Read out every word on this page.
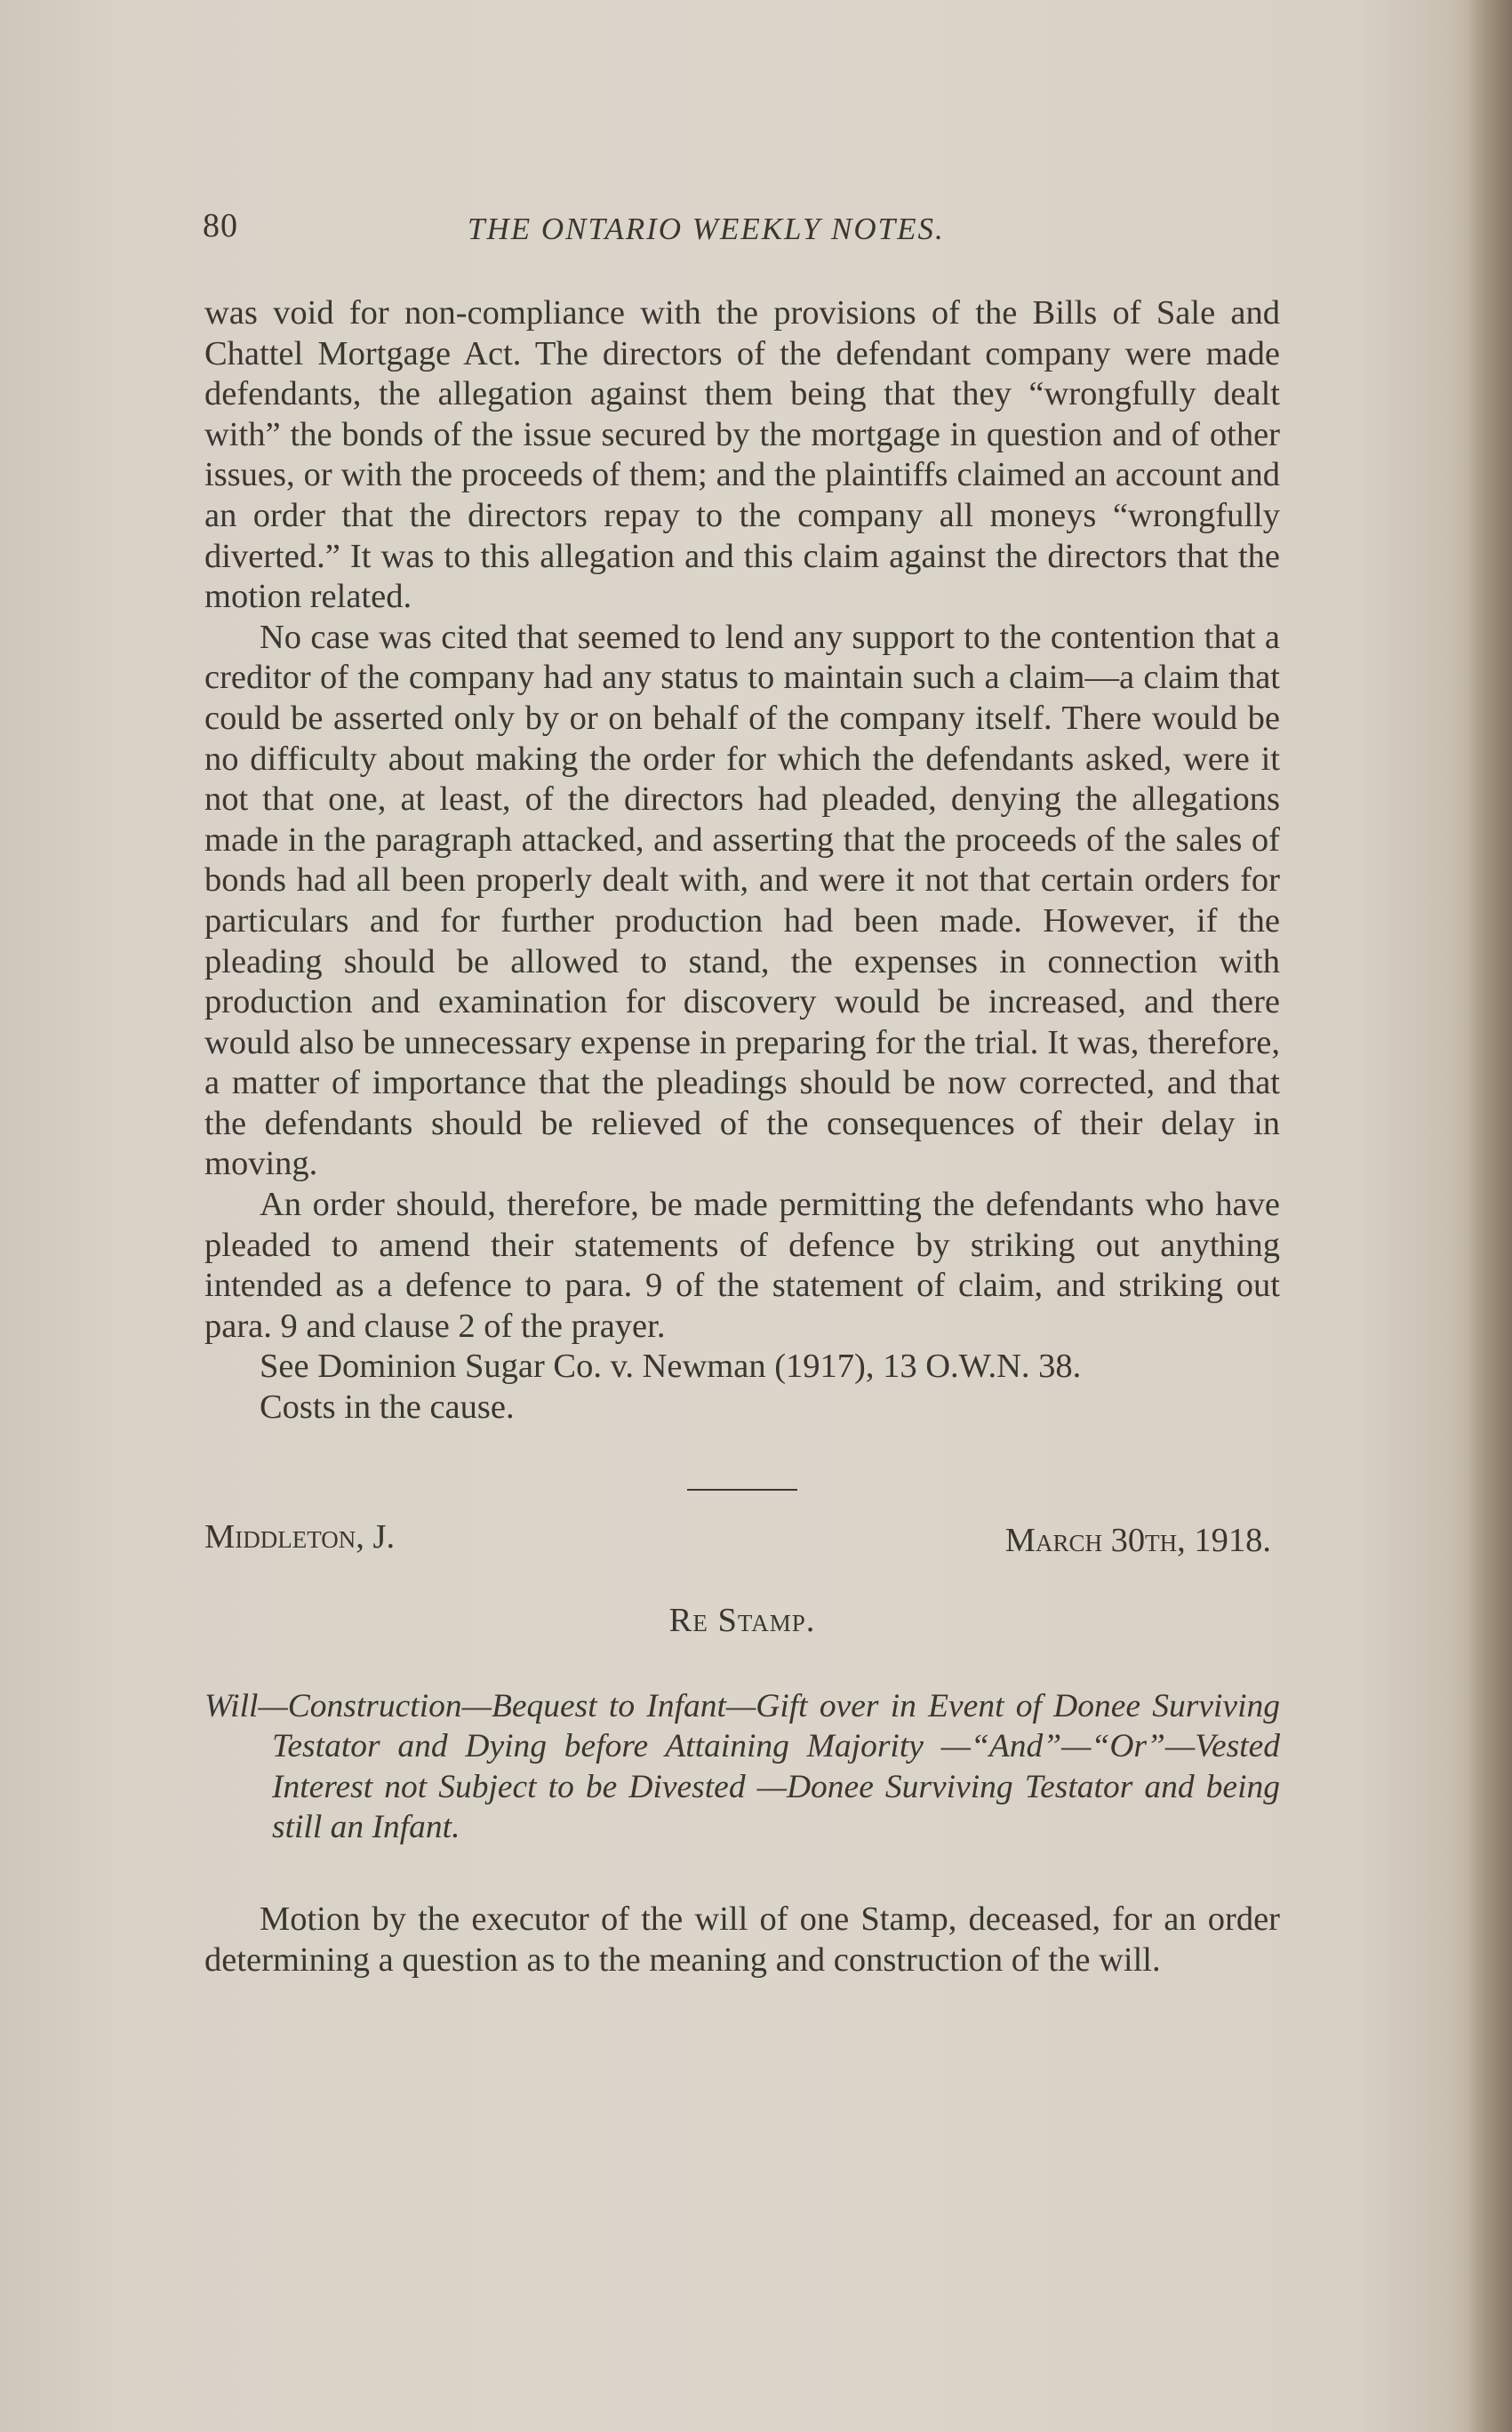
80	THE ONTARIO WEEKLY NOTES.

was void for non-compliance with the provisions of the Bills of Sale and Chattel Mortgage Act. The directors of the defendant company were made defendants, the allegation against them being that they “wrongfully dealt with” the bonds of the issue secured by the mortgage in question and of other issues, or with the proceeds of them; and the plaintiffs claimed an account and an order that the directors repay to the company all moneys “wrongfully diverted.” It was to this allegation and this claim against the directors that the motion related.

No case was cited that seemed to lend any support to the contention that a creditor of the company had any status to maintain such a claim—a claim that could be asserted only by or on behalf of the company itself. There would be no difficulty about making the order for which the defendants asked, were it not that one, at least, of the directors had pleaded, denying the allegations made in the paragraph attacked, and asserting that the proceeds of the sales of bonds had all been properly dealt with, and were it not that certain orders for particulars and for further production had been made. However, if the pleading should be allowed to stand, the expenses in connection with production and examination for discovery would be increased, and there would also be unnecessary expense in preparing for the trial. It was, therefore, a matter of importance that the pleadings should be now corrected, and that the defendants should be relieved of the consequences of their delay in moving.

An order should, therefore, be made permitting the defendants who have pleaded to amend their statements of defence by striking out anything intended as a defence to para. 9 of the statement of claim, and striking out para. 9 and clause 2 of the prayer.

See Dominion Sugar Co. v. Newman (1917), 13 O.W.N. 38.

Costs in the cause.

Middleton, J.	March 30th, 1918.
Re Stamp.

Will—Construction—Bequest to Infant—Gift over in Event of Donee Surviving Testator and Dying before Attaining Majority —“And”—“Or”—Vested Interest not Subject to be Divested —Donee Surviving Testator and being still an Infant.

Motion by the executor of the will of one Stamp, deceased, for an order determining a question as to the meaning and construction of the will.
